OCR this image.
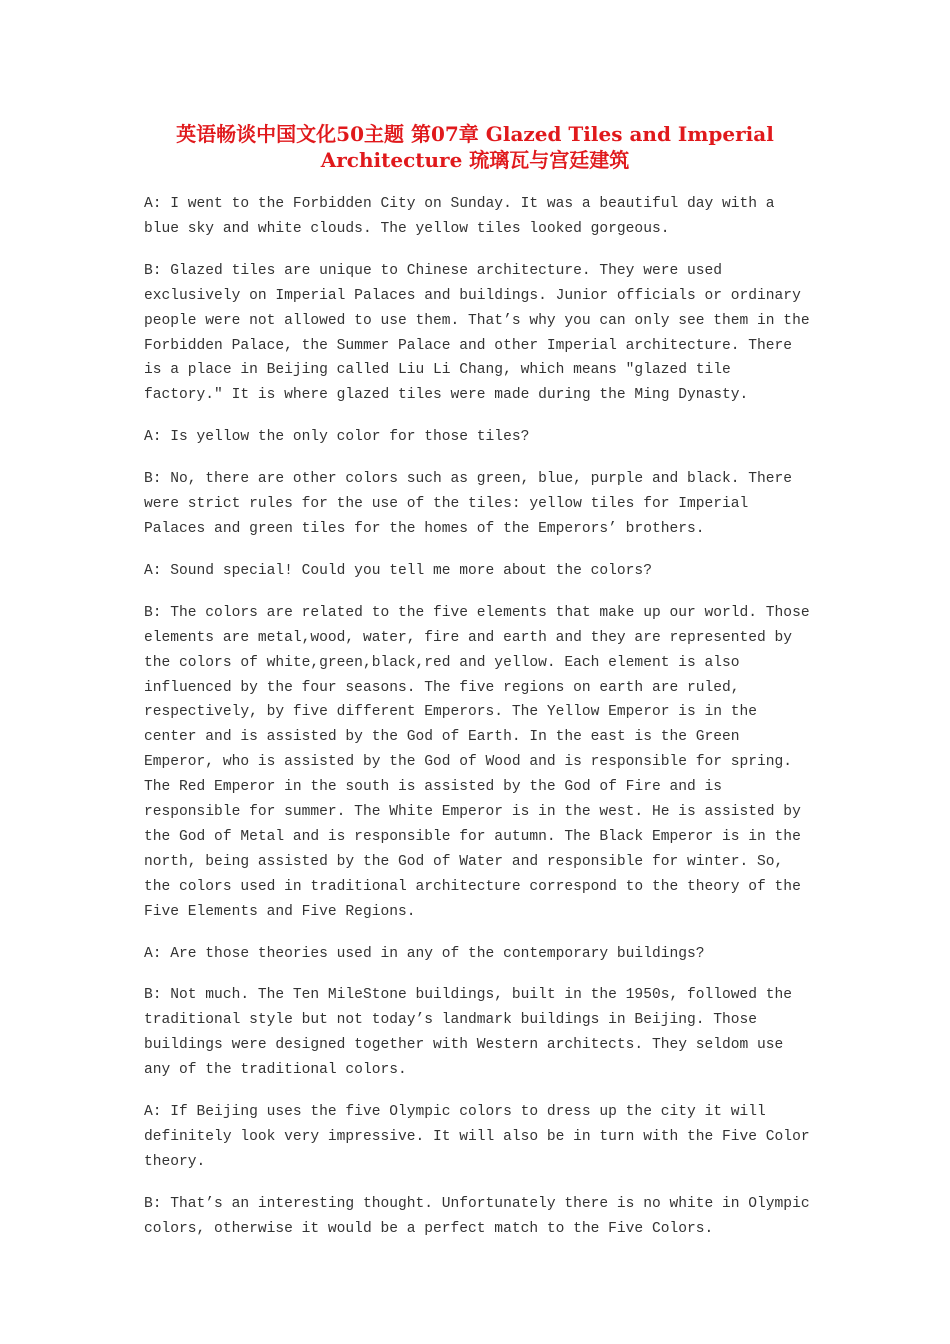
英语畅谈中国文化50主题 第07章 Glazed Tiles and Imperial
Architecture 琉璃瓦与宫廷建筑

A: I went to the Forbidden City on Sunday. It was a beautiful day with a blue sky and white clouds. The yellow tiles looked gorgeous.

B: Glazed tiles are unique to Chinese architecture. They were used exclusively on Imperial Palaces and buildings. Junior officials or ordinary people were not allowed to use them. That’s why you can only see them in the Forbidden Palace, the Summer Palace and other Imperial architecture. There is a place in Beijing called Liu Li Chang, which means "glazed tile factory." It is where glazed tiles were made during the Ming Dynasty.

A: Is yellow the only color for those tiles?

B: No, there are other colors such as green, blue, purple and black. There were strict rules for the use of the tiles: yellow tiles for Imperial Palaces and green tiles for the homes of the Emperors’ brothers.

A: Sound special! Could you tell me more about the colors?

B: The colors are related to the five elements that make up our world. Those elements are metal,wood, water, fire and earth and they are represented by the colors of white,green,black,red and yellow. Each element is also influenced by the four seasons. The five regions on earth are ruled, respectively, by five different Emperors. The Yellow Emperor is in the center and is assisted by the God of Earth. In the east is the Green Emperor, who is assisted by the God of Wood and is responsible for spring. The Red Emperor in the south is assisted by the God of Fire and is responsible for summer. The White Emperor is in the west. He is assisted by the God of Metal and is responsible for autumn. The Black Emperor is in the north, being assisted by the God of Water and responsible for winter. So, the colors used in traditional architecture correspond to the theory of the Five Elements and Five Regions.

A: Are those theories used in any of the contemporary buildings?

B: Not much. The Ten MileStone buildings, built in the 1950s, followed the traditional style but not today’s landmark buildings in Beijing. Those buildings were designed together with Western architects. They seldom use any of the traditional colors.

A: If Beijing uses the five Olympic colors to dress up the city it will definitely look very impressive. It will also be in turn with the Five Color theory.

B: That’s an interesting thought. Unfortunately there is no white in Olympic colors, otherwise it would be a perfect match to the Five Colors.
